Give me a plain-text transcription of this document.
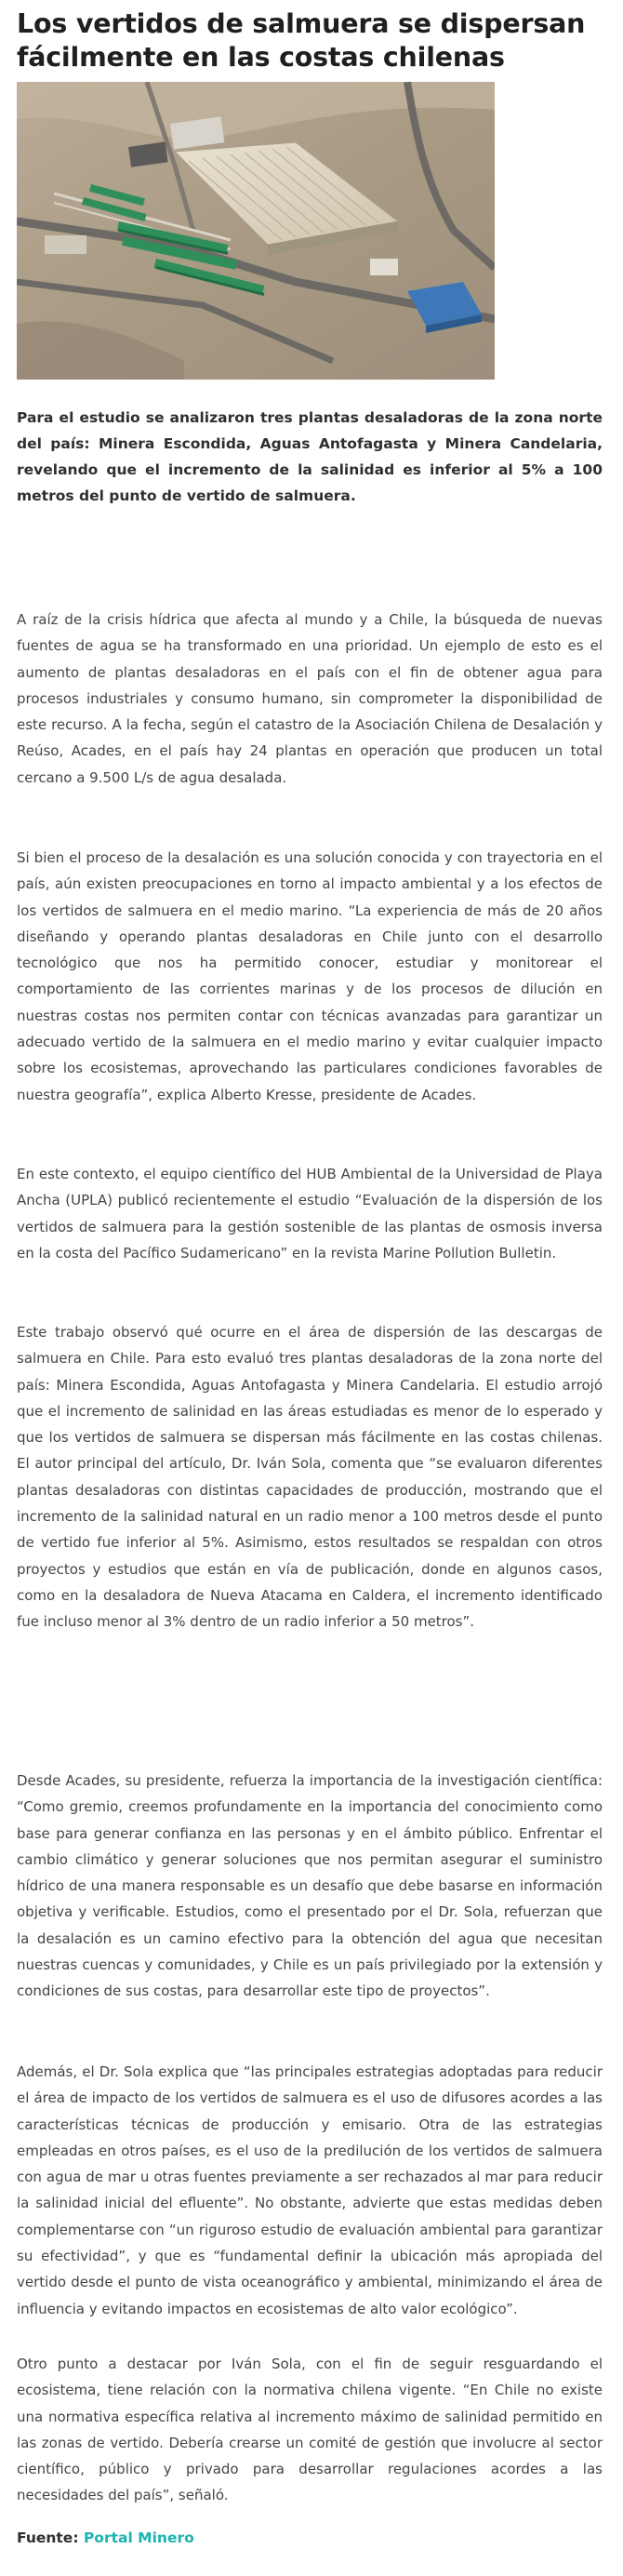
Los vertidos de salmuera se dispersan fácilmente en las costas chilenas

Para el estudio se analizaron tres plantas desaladoras de la zona norte del país: Minera Escondida, Aguas Antofagasta y Minera Candelaria, revelando que el incremento de la salinidad es inferior al 5% a 100 metros del punto de vertido de salmuera.

A raíz de la crisis hídrica que afecta al mundo y a Chile, la búsqueda de nuevas fuentes de agua se ha transformado en una prioridad. Un ejemplo de esto es el aumento de plantas desaladoras en el país con el fin de obtener agua para procesos industriales y consumo humano, sin comprometer la disponibilidad de este recurso. A la fecha, según el catastro de la Asociación Chilena de Desalación y Reúso, Acades, en el país hay 24 plantas en operación que producen un total cercano a 9.500 L/s de agua desalada.

Si bien el proceso de la desalación es una solución conocida y con trayectoria en el país, aún existen preocupaciones en torno al impacto ambiental y a los efectos de los vertidos de salmuera en el medio marino. “La experiencia de más de 20 años diseñando y operando plantas desaladoras en Chile junto con el desarrollo tecnológico que nos ha permitido conocer, estudiar y monitorear el comportamiento de las corrientes marinas y de los procesos de dilución en nuestras costas nos permiten contar con técnicas avanzadas para garantizar un adecuado vertido de la salmuera en el medio marino y evitar cualquier impacto sobre los ecosistemas, aprovechando las particulares condiciones favorables de nuestra geografía”, explica Alberto Kresse, presidente de Acades.

En este contexto, el equipo científico del HUB Ambiental de la Universidad de Playa Ancha (UPLA) publicó recientemente el estudio “Evaluación de la dispersión de los vertidos de salmuera para la gestión sostenible de las plantas de osmosis inversa en la costa del Pacífico Sudamericano” en la revista Marine Pollution Bulletin.

Este trabajo observó qué ocurre en el área de dispersión de las descargas de salmuera en Chile. Para esto evaluó tres plantas desaladoras de la zona norte del país: Minera Escondida, Aguas Antofagasta y Minera Candelaria. El estudio arrojó que el incremento de salinidad en las áreas estudiadas es menor de lo esperado y que los vertidos de salmuera se dispersan más fácilmente en las costas chilenas. El autor principal del artículo, Dr. Iván Sola, comenta que “se evaluaron diferentes plantas desaladoras con distintas capacidades de producción, mostrando que el incremento de la salinidad natural en un radio menor a 100 metros desde el punto de vertido fue inferior al 5%. Asimismo, estos resultados se respaldan con otros proyectos y estudios que están en vía de publicación, donde en algunos casos, como en la desaladora de Nueva Atacama en Caldera, el incremento identificado fue incluso menor al 3% dentro de un radio inferior a 50 metros”.

Desde Acades, su presidente, refuerza la importancia de la investigación científica: “Como gremio, creemos profundamente en la importancia del conocimiento como base para generar confianza en las personas y en el ámbito público. Enfrentar el cambio climático y generar soluciones que nos permitan asegurar el suministro hídrico de una manera responsable es un desafío que debe basarse en información objetiva y verificable. Estudios, como el presentado por el Dr. Sola, refuerzan que la desalación es un camino efectivo para la obtención del agua que necesitan nuestras cuencas y comunidades, y Chile es un país privilegiado por la extensión y condiciones de sus costas, para desarrollar este tipo de proyectos”.

Además, el Dr. Sola explica que “las principales estrategias adoptadas para reducir el área de impacto de los vertidos de salmuera es el uso de difusores acordes a las características técnicas de producción y emisario. Otra de las estrategias empleadas en otros países, es el uso de la predilución de los vertidos de salmuera con agua de mar u otras fuentes previamente a ser rechazados al mar para reducir la salinidad inicial del efluente”. No obstante, advierte que estas medidas deben complementarse con “un riguroso estudio de evaluación ambiental para garantizar su efectividad”, y que es “fundamental definir la ubicación más apropiada del vertido desde el punto de vista oceanográfico y ambiental, minimizando el área de influencia y evitando impactos en ecosistemas de alto valor ecológico”.

Otro punto a destacar por Iván Sola, con el fin de seguir resguardando el ecosistema, tiene relación con la normativa chilena vigente. “En Chile no existe una normativa específica relativa al incremento máximo de salinidad permitido en las zonas de vertido. Debería crearse un comité de gestión que involucre al sector científico, público y privado para desarrollar regulaciones acordes a las necesidades del país”, señaló.

Fuente: Portal Minero
